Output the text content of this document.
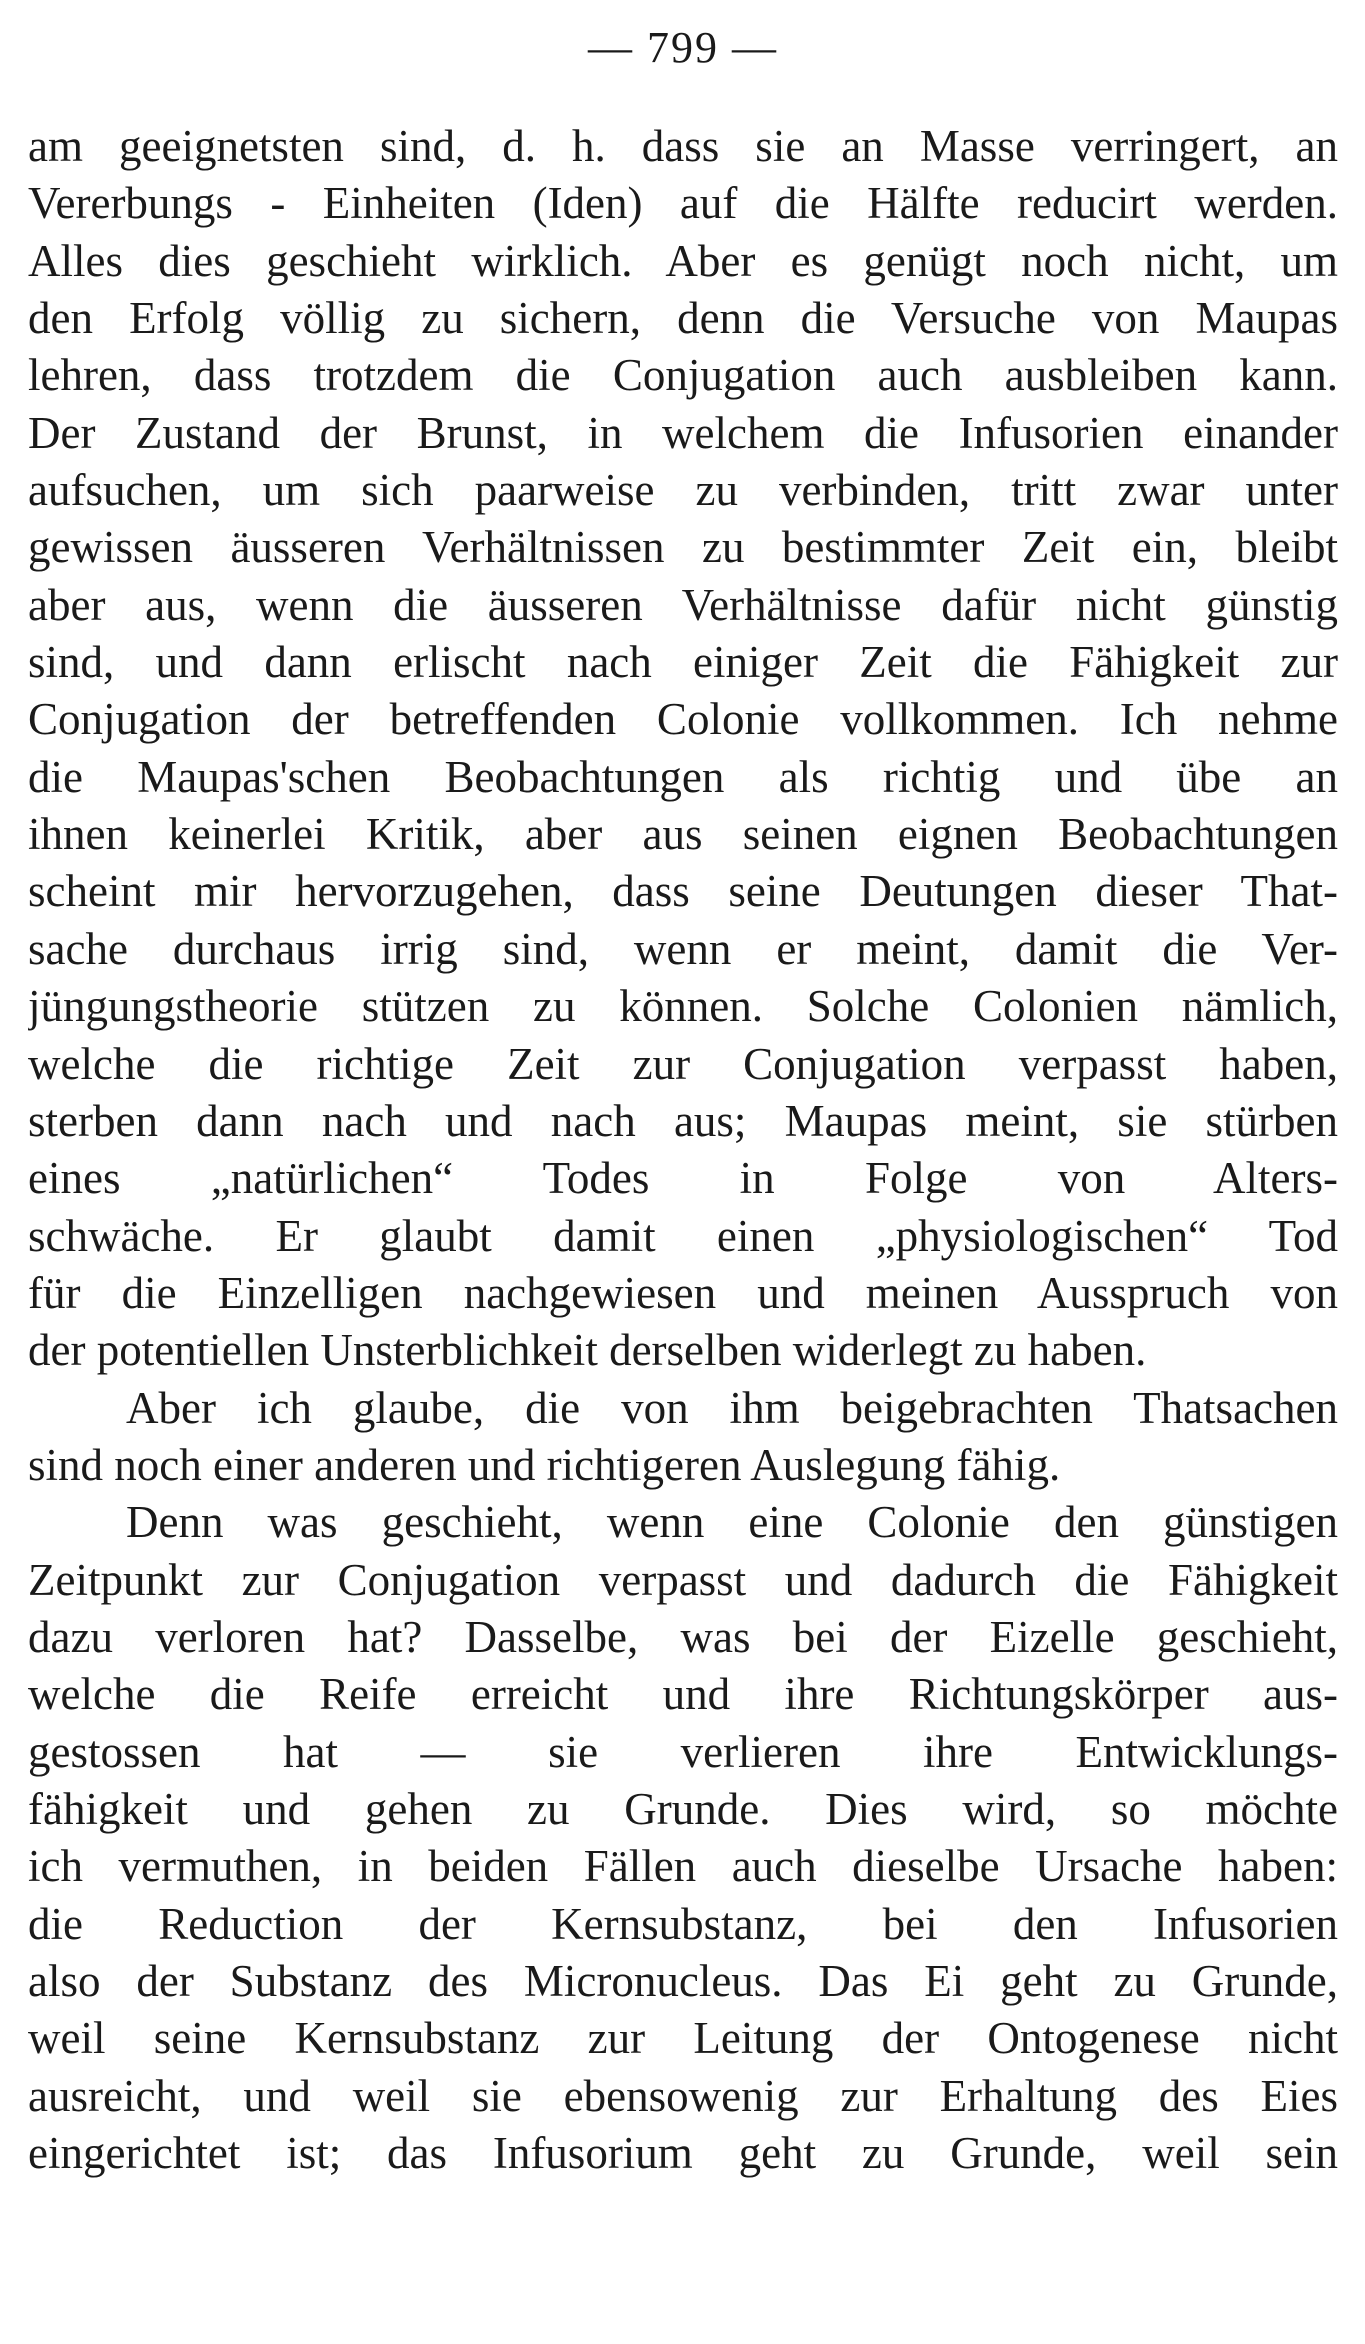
— 799 —
am geeignetsten sind, d. h. dass sie an Masse verringert, an
Vererbungs - Einheiten (Iden) auf die Hälfte reducirt werden.
Alles dies geschieht wirklich. Aber es genügt noch nicht, um
den Erfolg völlig zu sichern, denn die Versuche von Maupas
lehren, dass trotzdem die Conjugation auch ausbleiben kann.
Der Zustand der Brunst, in welchem die Infusorien einander
aufsuchen, um sich paarweise zu verbinden, tritt zwar unter
gewissen äusseren Verhältnissen zu bestimmter Zeit ein, bleibt
aber aus, wenn die äusseren Verhältnisse dafür nicht günstig
sind, und dann erlischt nach einiger Zeit die Fähigkeit zur
Conjugation der betreffenden Colonie vollkommen. Ich nehme
die Maupas'schen Beobachtungen als richtig und übe an
ihnen keinerlei Kritik, aber aus seinen eignen Beobachtungen
scheint mir hervorzugehen, dass seine Deutungen dieser That-
sache durchaus irrig sind, wenn er meint, damit die Ver-
jüngungstheorie stützen zu können. Solche Colonien nämlich,
welche die richtige Zeit zur Conjugation verpasst haben,
sterben dann nach und nach aus; Maupas meint, sie stürben
eines „natürlichen“ Todes in Folge von Alters-
schwäche. Er glaubt damit einen „physiologischen“ Tod
für die Einzelligen nachgewiesen und meinen Ausspruch von
der potentiellen Unsterblichkeit derselben widerlegt zu haben.
Aber ich glaube, die von ihm beigebrachten Thatsachen
sind noch einer anderen und richtigeren Auslegung fähig.
Denn was geschieht, wenn eine Colonie den günstigen
Zeitpunkt zur Conjugation verpasst und dadurch die Fähigkeit
dazu verloren hat? Dasselbe, was bei der Eizelle geschieht,
welche die Reife erreicht und ihre Richtungskörper aus-
gestossen hat — sie verlieren ihre Entwicklungs-
fähigkeit und gehen zu Grunde. Dies wird, so möchte
ich vermuthen, in beiden Fällen auch dieselbe Ursache haben:
die Reduction der Kernsubstanz, bei den Infusorien
also der Substanz des Micronucleus. Das Ei geht zu Grunde,
weil seine Kernsubstanz zur Leitung der Ontogenese nicht
ausreicht, und weil sie ebensowenig zur Erhaltung des Eies
eingerichtet ist; das Infusorium geht zu Grunde, weil sein
